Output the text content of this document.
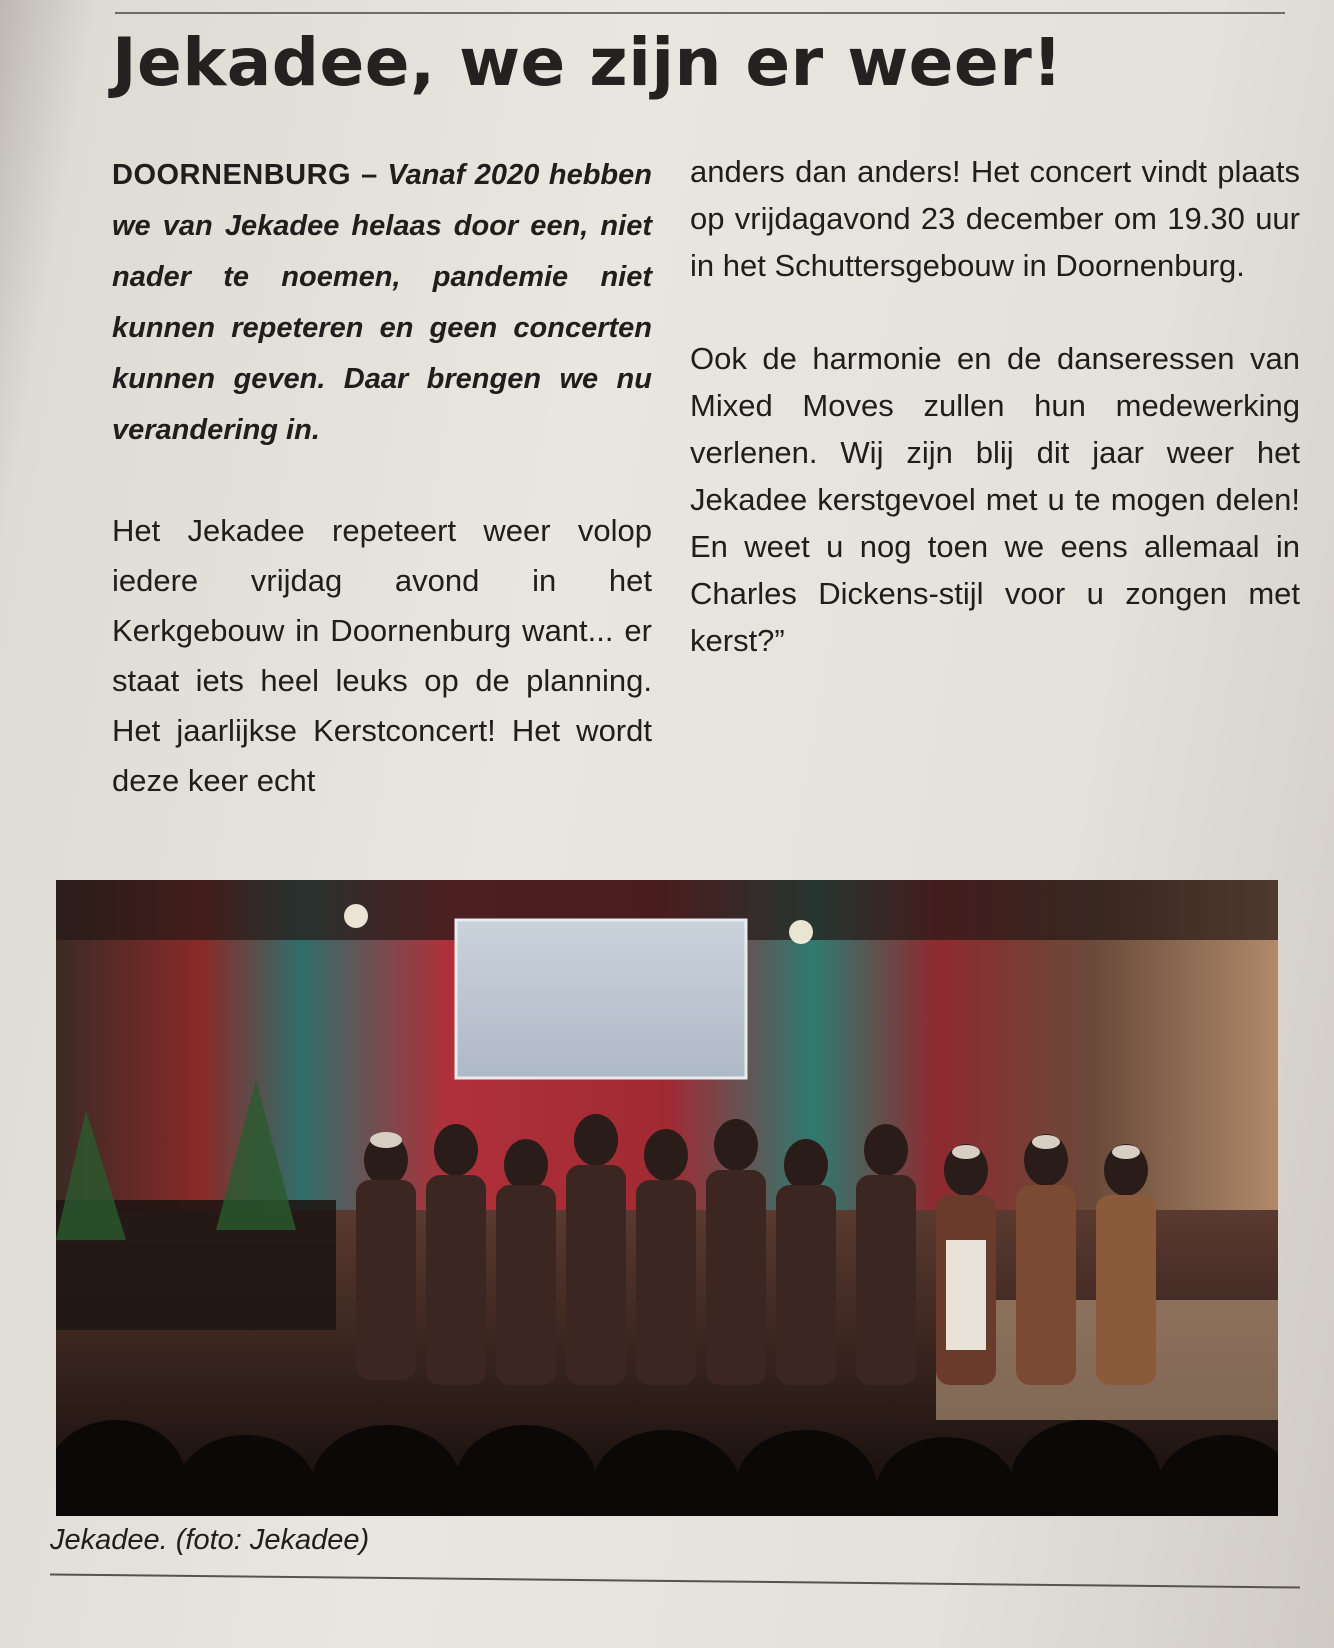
Jekadee, we zijn er weer!

DOORNENBURG – Vanaf 2020 hebben we van Jekadee helaas door een, niet nader te noemen, pandemie niet kunnen repeteren en geen concerten kunnen geven. Daar brengen we nu verandering in.

Het Jekadee repeteert weer volop iedere vrijdag avond in het Kerkgebouw in Doornenburg want... er staat iets heel leuks op de planning. Het jaarlijkse Kerstconcert! Het wordt deze keer echt

anders dan anders! Het concert vindt plaats op vrijdagavond 23 december om 19.30 uur in het Schuttersgebouw in Doornenburg.

Ook de harmonie en de danseressen van Mixed Moves zullen hun medewerking verlenen. Wij zijn blij dit jaar weer het Jekadee kerstgevoel met u te mogen delen! En weet u nog toen we eens allemaal in Charles Dickens-stijl voor u zongen met kerst?”

Jekadee. (foto: Jekadee)
